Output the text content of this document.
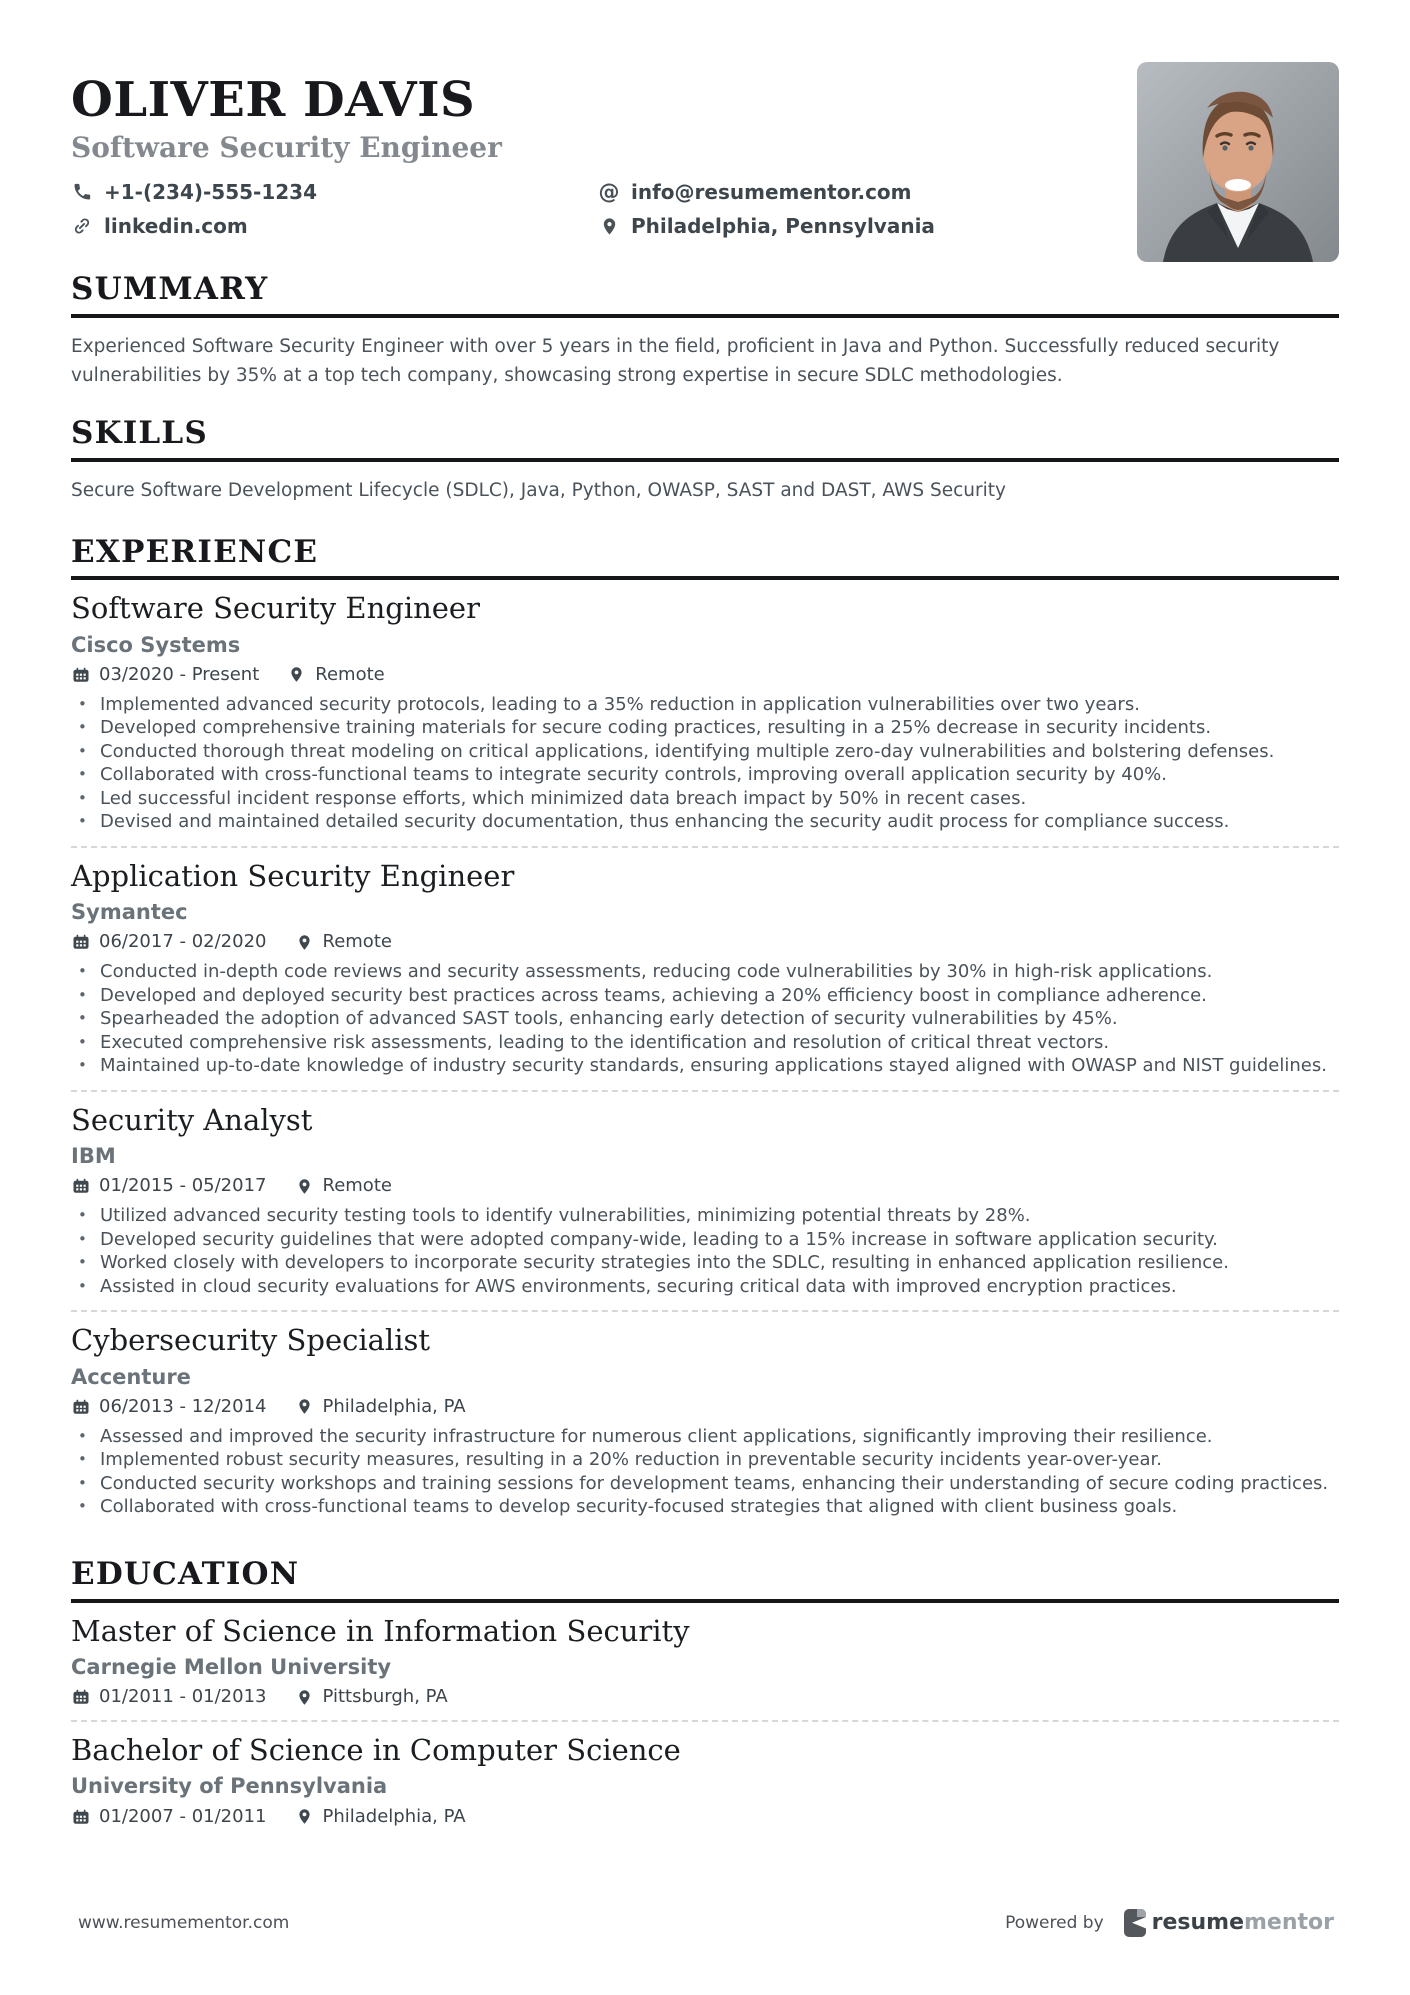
OLIVER DAVIS
Software Security Engineer
+1-(234)-555-1234	@ info@resumementor.com
linkedin.com	Philadelphia, Pennsylvania
SUMMARY

Experienced Software Security Engineer with over 5 years in the field, proficient in Java and Python. Successfully reduced security vulnerabilities by 35% at a top tech company, showcasing strong expertise in secure SDLC methodologies.

SKILLS

Secure Software Development Lifecycle (SDLC), Java, Python, OWASP, SAST and DAST, AWS Security

EXPERIENCE
Software Security Engineer
Cisco Systems
03/2020 - Present	Remote
• Implemented advanced security protocols, leading to a 35% reduction in application vulnerabilities over two years.
• Developed comprehensive training materials for secure coding practices, resulting in a 25% decrease in security incidents.
• Conducted thorough threat modeling on critical applications, identifying multiple zero-day vulnerabilities and bolstering defenses.
• Collaborated with cross-functional teams to integrate security controls, improving overall application security by 40%.
• Led successful incident response efforts, which minimized data breach impact by 50% in recent cases.
• Devised and maintained detailed security documentation, thus enhancing the security audit process for compliance success.
Application Security Engineer
Symantec
06/2017 - 02/2020	Remote
• Conducted in-depth code reviews and security assessments, reducing code vulnerabilities by 30% in high-risk applications.
• Developed and deployed security best practices across teams, achieving a 20% efficiency boost in compliance adherence.
• Spearheaded the adoption of advanced SAST tools, enhancing early detection of security vulnerabilities by 45%.
• Executed comprehensive risk assessments, leading to the identification and resolution of critical threat vectors.
• Maintained up-to-date knowledge of industry security standards, ensuring applications stayed aligned with OWASP and NIST guidelines.
Security Analyst
IBM
01/2015 - 05/2017	Remote
• Utilized advanced security testing tools to identify vulnerabilities, minimizing potential threats by 28%.
• Developed security guidelines that were adopted company-wide, leading to a 15% increase in software application security.
• Worked closely with developers to incorporate security strategies into the SDLC, resulting in enhanced application resilience.
• Assisted in cloud security evaluations for AWS environments, securing critical data with improved encryption practices.
Cybersecurity Specialist
Accenture
06/2013 - 12/2014	Philadelphia, PA
• Assessed and improved the security infrastructure for numerous client applications, significantly improving their resilience.
• Implemented robust security measures, resulting in a 20% reduction in preventable security incidents year-over-year.
• Conducted security workshops and training sessions for development teams, enhancing their understanding of secure coding practices.
• Collaborated with cross-functional teams to develop security-focused strategies that aligned with client business goals.
EDUCATION
Master of Science in Information Security
Carnegie Mellon University
01/2011 - 01/2013	Pittsburgh, PA
Bachelor of Science in Computer Science
University of Pennsylvania
01/2007 - 01/2011	Philadelphia, PA
www.resumementor.com	Powered by resumementor
